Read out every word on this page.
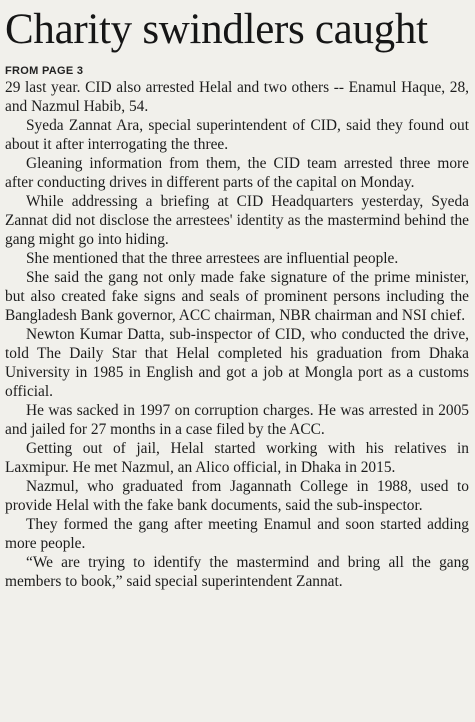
Charity swindlers caught
FROM PAGE 3

29 last year. CID also arrested Helal and two others -- Enamul Haque, 28, and Nazmul Habib, 54.

Syeda Zannat Ara, special superintendent of CID, said they found out about it after interrogating the three.

Gleaning information from them, the CID team arrested three more after conducting drives in different parts of the capital on Monday.

While addressing a briefing at CID Headquarters yesterday, Syeda Zannat did not disclose the arrestees' identity as the mastermind behind the gang might go into hiding.

She mentioned that the three arrestees are influential people.

She said the gang not only made fake signature of the prime minister, but also created fake signs and seals of prominent persons including the Bangladesh Bank governor, ACC chairman, NBR chairman and NSI chief.

Newton Kumar Datta, sub-inspector of CID, who conducted the drive, told The Daily Star that Helal completed his graduation from Dhaka University in 1985 in English and got a job at Mongla port as a customs official.

He was sacked in 1997 on corruption charges. He was arrested in 2005 and jailed for 27 months in a case filed by the ACC.

Getting out of jail, Helal started working with his relatives in Laxmipur. He met Nazmul, an Alico official, in Dhaka in 2015.

Nazmul, who graduated from Jagannath College in 1988, used to provide Helal with the fake bank documents, said the sub-inspector.

They formed the gang after meeting Enamul and soon started adding more people.

“We are trying to identify the mastermind and bring all the gang members to book,” said special superintendent Zannat.
